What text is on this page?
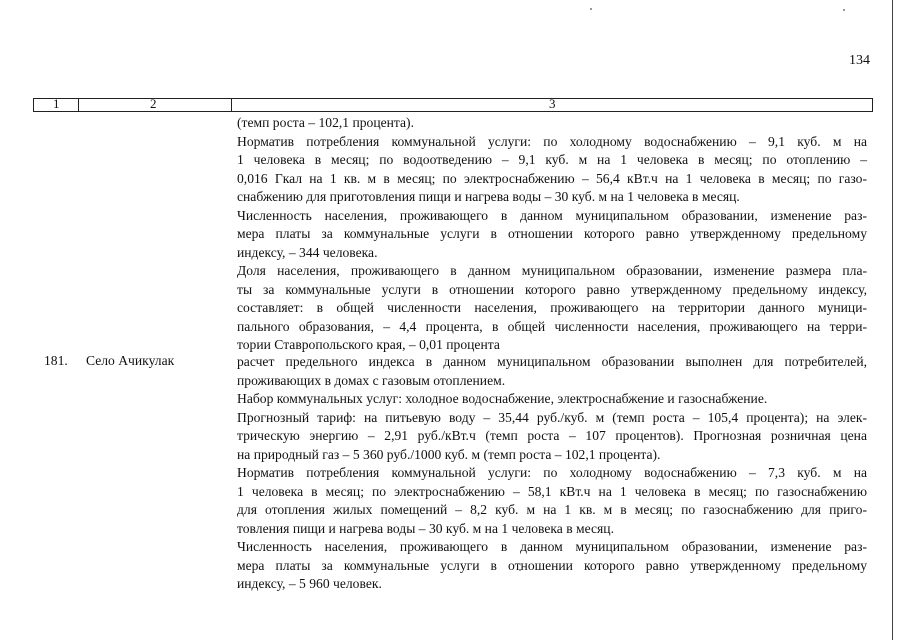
134
1	2	3
(темп роста – 102,1 процента).
Норматив потребления коммунальной услуги: по холодному водоснабжению – 9,1 куб. м на
1 человека в месяц; по водоотведению – 9,1 куб. м на 1 человека в месяц; по отоплению –
0,016 Гкал на 1 кв. м в месяц; по электроснабжению – 56,4 кВт.ч на 1 человека в месяц; по газо-
снабжению для приготовления пищи и нагрева воды – 30 куб. м на 1 человека в месяц.
Численность населения, проживающего в данном муниципальном образовании, изменение раз-
мера платы за коммунальные услуги в отношении которого равно утвержденному предельному
индексу, – 344 человека.
Доля населения, проживающего в данном муниципальном образовании, изменение размера пла-
ты за коммунальные услуги в отношении которого равно утвержденному предельному индексу,
составляет: в общей численности населения, проживающего на территории данного муници-
пального образования, – 4,4 процента, в общей численности населения, проживающего на терри-
тории Ставропольского края, – 0,01 процента
181. Село Ачикулак	расчет предельного индекса в данном муниципальном образовании выполнен для потребителей,
проживающих в домах с газовым отоплением.
Набор коммунальных услуг: холодное водоснабжение, электроснабжение и газоснабжение.
Прогнозный тариф: на питьевую воду – 35,44 руб./куб. м (темп роста – 105,4 процента); на элек-
трическую энергию – 2,91 руб./кВт.ч (темп роста – 107 процентов). Прогнозная розничная цена
на природный газ – 5 360 руб./1000 куб. м (темп роста – 102,1 процента).
Норматив потребления коммунальной услуги: по холодному водоснабжению – 7,3 куб. м на
1 человека в месяц; по электроснабжению – 58,1 кВт.ч на 1 человека в месяц; по газоснабжению
для отопления жилых помещений – 8,2 куб. м на 1 кв. м в месяц; по газоснабжению для приго-
товления пищи и нагрева воды – 30 куб. м на 1 человека в месяц.
Численность населения, проживающего в данном муниципальном образовании, изменение раз-
мера платы за коммунальные услуги в отношении которого равно утвержденному предельному
индексу, – 5 960 человек.
